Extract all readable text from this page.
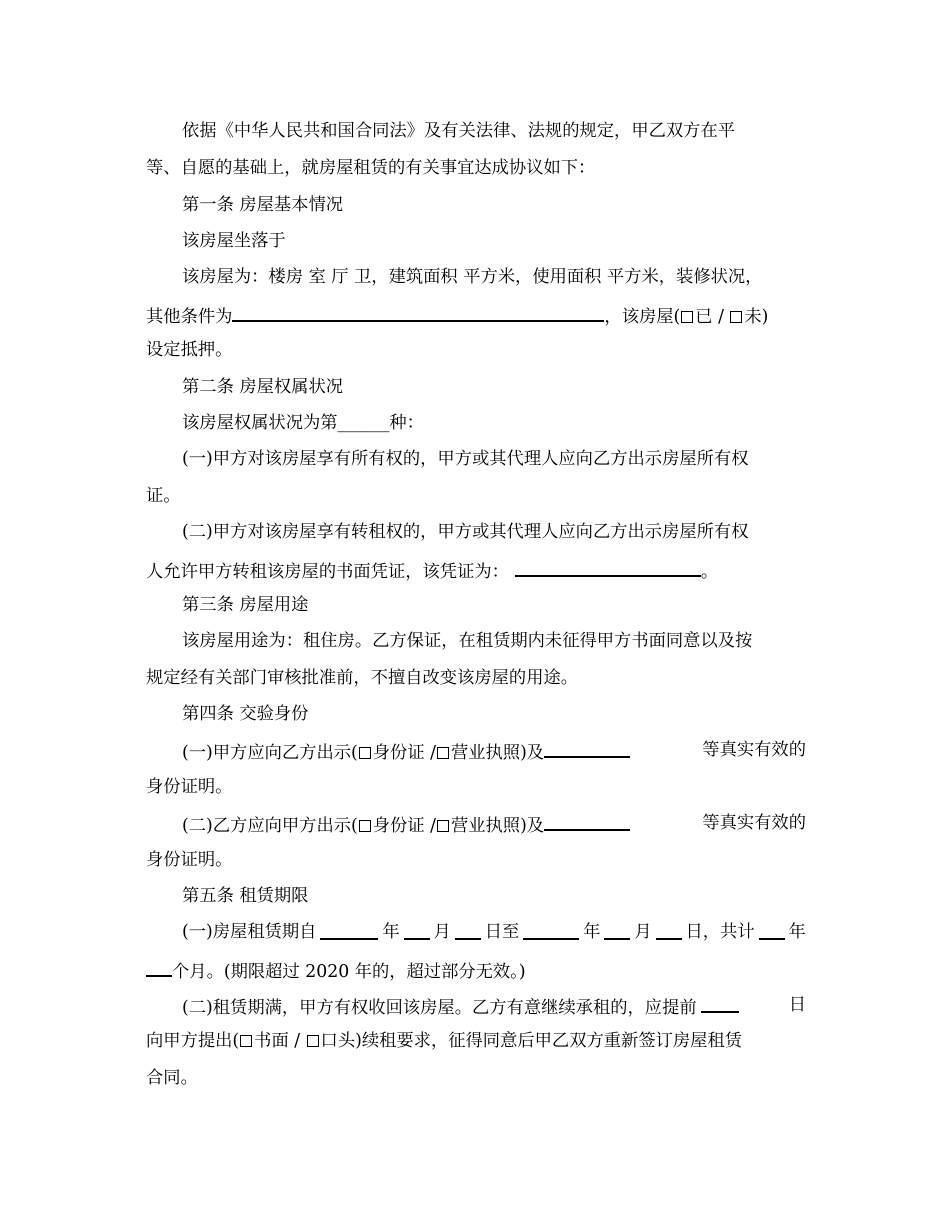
依据《中华人民共和国合同法》及有关法律、法规的规定，甲乙双方在平
等、自愿的基础上，就房屋租赁的有关事宜达成协议如下：
第一条 房屋基本情况
该房屋坐落于
该房屋为：楼房 室 厅 卫，建筑面积 平方米，使用面积 平方米，装修状况，
其他条件为	，该房屋( 已 / 未)
设定抵押。
第二条 房屋权属状况
该房屋权属状况为第______种：
(一)甲方对该房屋享有所有权的，甲方或其代理人应向乙方出示房屋所有权
证。
(二)甲方对该房屋享有转租权的，甲方或其代理人应向乙方出示房屋所有权
人允许甲方转租该房屋的书面凭证，该凭证为：	。
第三条 房屋用途
该房屋用途为：租住房。乙方保证，在租赁期内未征得甲方书面同意以及按
规定经有关部门审核批准前，不擅自改变该房屋的用途。
第四条 交验身份
(一)甲方应向乙方出示( 身份证 /营业执照)及	等真实有效的
身份证明。
(二)乙方应向甲方出示( 身份证 /营业执照)及	等真实有效的
身份证明。
第五条 租赁期限
(一)房屋租赁期自	年 月 日至	年 月 日，共计 年
个月。(期限超过 2020 年的，超过部分无效。)
(二)租赁期满，甲方有权收回该房屋。乙方有意继续承租的，应提前	日
向甲方提出( 书面 / 口头)续租要求，征得同意后甲乙双方重新签订房屋租赁
合同。
